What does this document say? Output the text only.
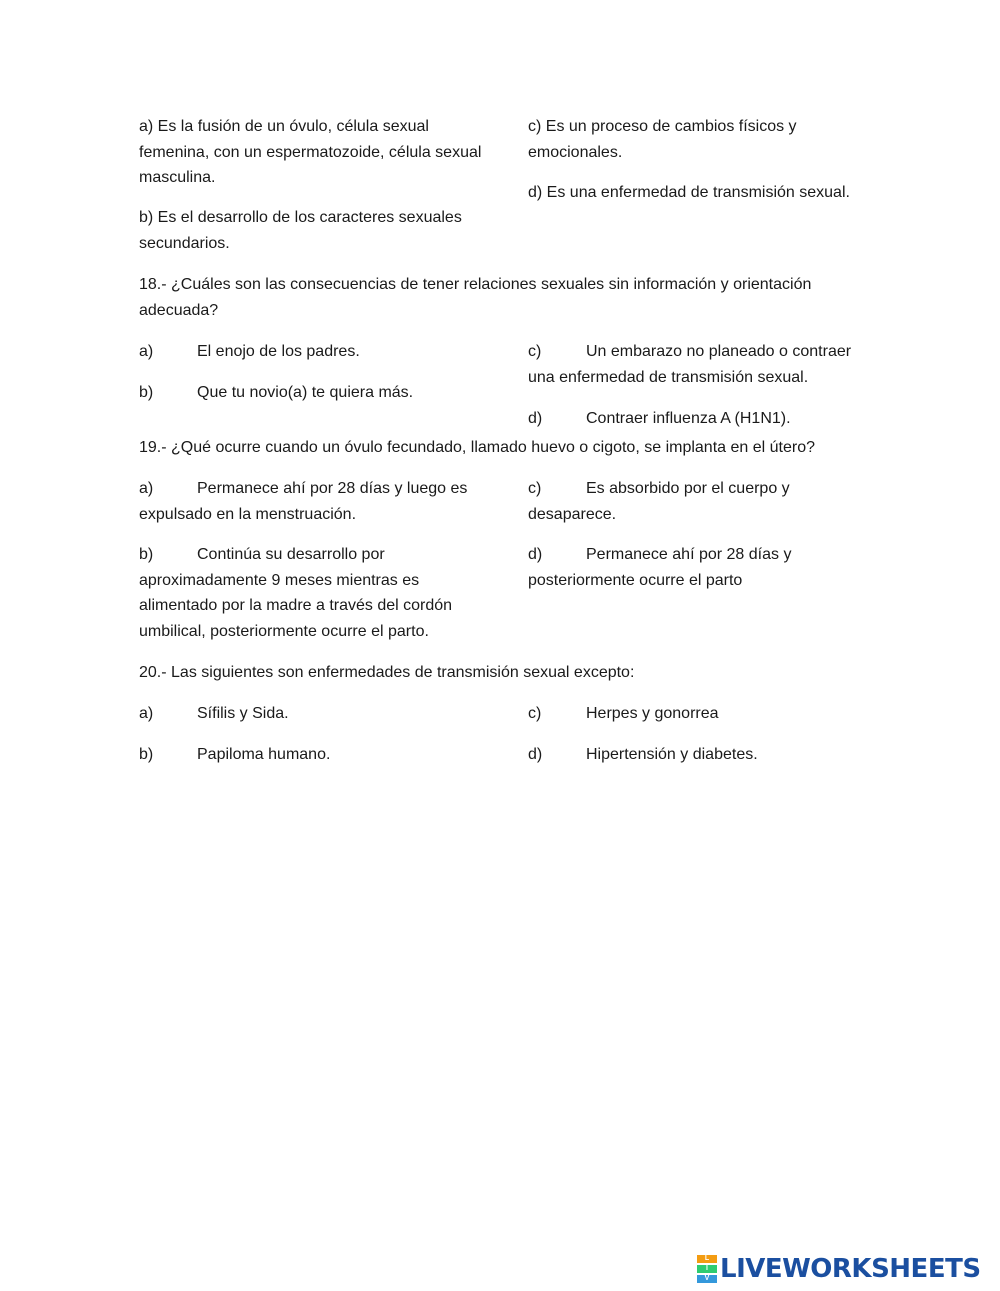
a) Es la fusión de un óvulo, célula sexual femenina, con un espermatozoide, célula sexual masculina.
b) Es el desarrollo de los caracteres sexuales secundarios.
c) Es un proceso de cambios físicos y emocionales.
d) Es una enfermedad de transmisión sexual.
18.- ¿Cuáles son las consecuencias de tener relaciones sexuales sin información y orientación adecuada?
a)	El enojo de los padres.
b)	Que tu novio(a) te quiera más.
c)	Un embarazo no planeado o contraer una enfermedad de transmisión sexual.
d)	Contraer influenza A (H1N1).
19.- ¿Qué ocurre cuando un óvulo fecundado, llamado huevo o cigoto, se implanta en el útero?
a)	Permanece ahí por 28 días y luego es expulsado en la menstruación.
b)	Continúa su desarrollo por aproximadamente 9 meses mientras es alimentado por la madre a través del cordón umbilical, posteriormente ocurre el parto.
c)	Es absorbido por el cuerpo y desaparece.
d)	Permanece ahí por 28 días y posteriormente ocurre el parto
20.- Las siguientes son enfermedades de transmisión sexual excepto:
a)	Sífilis y Sida.
b)	Papiloma humano.
c)	Herpes y gonorrea
d)	Hipertensión y diabetes.
L
I
V LIVEWORKSHEETS
